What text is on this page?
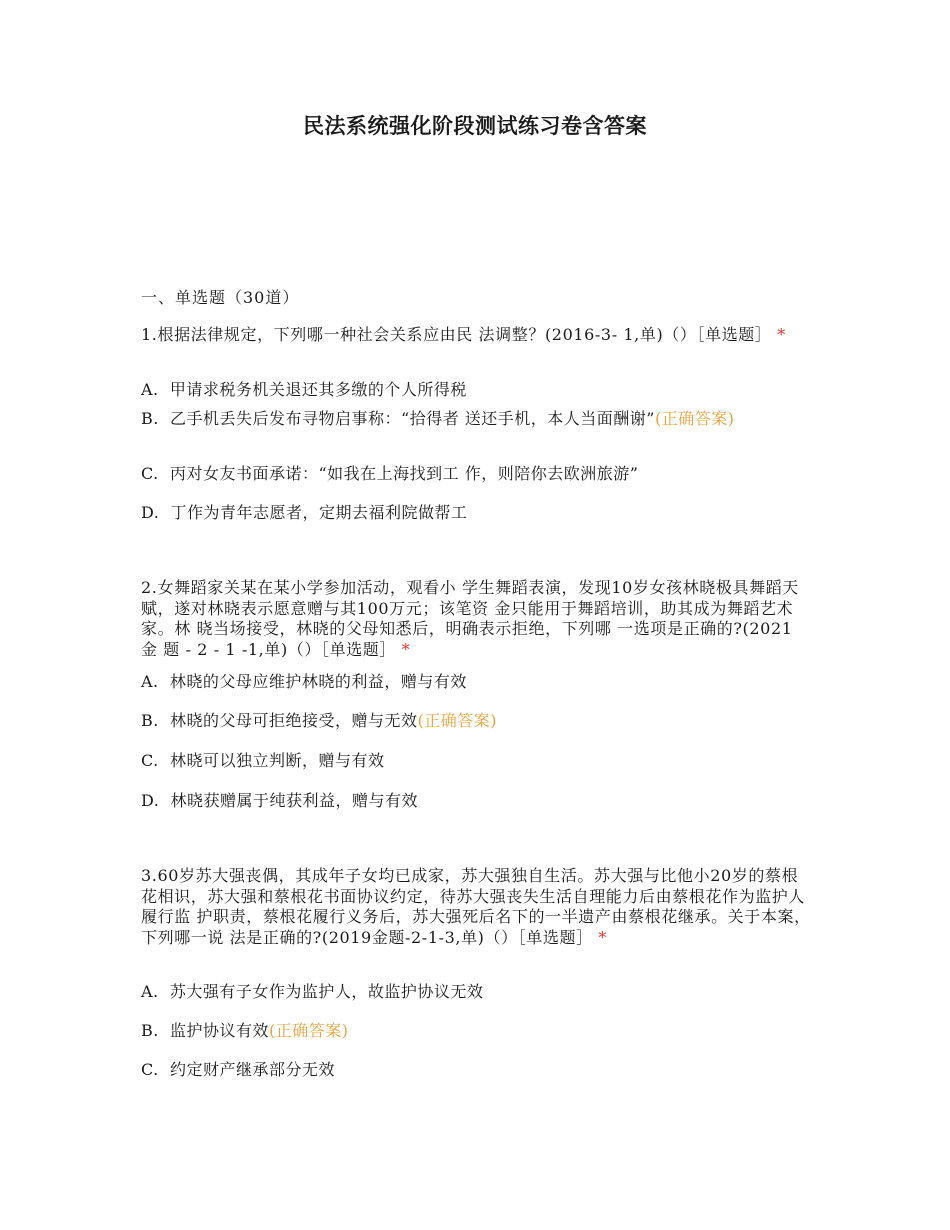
民法系统强化阶段测试练习卷含答案
一、单选题（30道）
1.根据法律规定，下列哪一种社会关系应由民 法调整？(2016-3- 1,单)（）［单选题］ *
A. 甲请求税务机关退还其多缴的个人所得税
B. 乙手机丢失后发布寻物启事称：“拾得者 送还手机，本人当面酬谢”(正确答案)
C. 丙对女友书面承诺：“如我在上海找到工 作，则陪你去欧洲旅游”
D. 丁作为青年志愿者，定期去福利院做帮工
2.女舞蹈家关某在某小学参加活动，观看小 学生舞蹈表演，发现10岁女孩林晓极具舞蹈天 赋，遂对林晓表示愿意赠与其100万元；该笔资 金只能用于舞蹈培训，助其成为舞蹈艺术家。林 晓当场接受，林晓的父母知悉后，明确表示拒绝，下列哪 一选项是正确的?(2021 金 题 - 2 - 1 -1,单)（）［单选题］ *
A. 林晓的父母应维护林晓的利益，赠与有效
B. 林晓的父母可拒绝接受，赠与无效(正确答案)
C. 林晓可以独立判断，赠与有效
D. 林晓获赠属于纯获利益，赠与有效
3.60岁苏大强丧偶，其成年子女均已成家，苏大强独自生活。苏大强与比他小20岁的蔡根花相识，苏大强和蔡根花书面协议约定，待苏大强丧失生活自理能力后由蔡根花作为监护人履行监 护职责，蔡根花履行义务后，苏大强死后名下的一半遗产由蔡根花继承。关于本案，下列哪一说 法是正确的?(2019金题-2-1-3,单)（）［单选题］ *
A. 苏大强有子女作为监护人，故监护协议无效
B. 监护协议有效(正确答案)
C. 约定财产继承部分无效
